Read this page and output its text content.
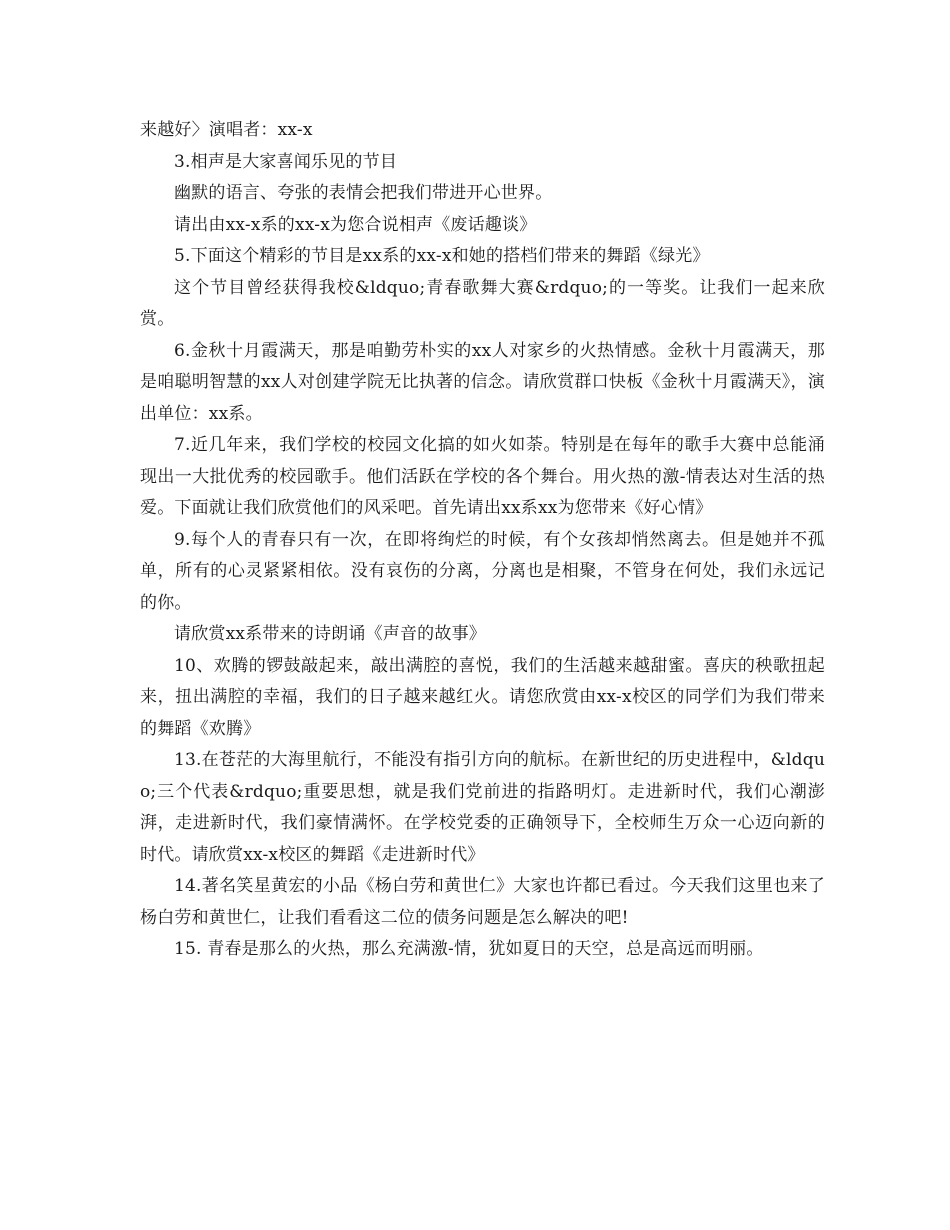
来越好〉演唱者：xx-x

3.相声是大家喜闻乐见的节目

幽默的语言、夸张的表情会把我们带进开心世界。

请出由xx-x系的xx-x为您合说相声《废话趣谈》

5.下面这个精彩的节目是xx系的xx-x和她的搭档们带来的舞蹈《绿光》

这个节目曾经获得我校&ldquo;青春歌舞大赛&rdquo;的一等奖。让我们一起来欣赏。

6.金秋十月霞满天，那是咱勤劳朴实的xx人对家乡的火热情感。金秋十月霞满天，那是咱聪明智慧的xx人对创建学院无比执著的信念。请欣赏群口快板《金秋十月霞满天》，演出单位：xx系。

7.近几年来，我们学校的校园文化搞的如火如荼。特别是在每年的歌手大赛中总能涌现出一大批优秀的校园歌手。他们活跃在学校的各个舞台。用火热的激-情表达对生活的热爱。下面就让我们欣赏他们的风采吧。首先请出xx系xx为您带来《好心情》

9.每个人的青春只有一次，在即将绚烂的时候，有个女孩却悄然离去。但是她并不孤单，所有的心灵紧紧相依。没有哀伤的分离，分离也是相聚，不管身在何处，我们永远记的你。

请欣赏xx系带来的诗朗诵《声音的故事》

10、欢腾的锣鼓敲起来，敲出满腔的喜悦，我们的生活越来越甜蜜。喜庆的秧歌扭起来，扭出满腔的幸福，我们的日子越来越红火。请您欣赏由xx-x校区的同学们为我们带来的舞蹈《欢腾》

13.在苍茫的大海里航行，不能没有指引方向的航标。在新世纪的历史进程中，&ldquo;三个代表&rdquo;重要思想，就是我们党前进的指路明灯。走进新时代，我们心潮澎湃，走进新时代，我们豪情满怀。在学校党委的正确领导下，全校师生万众一心迈向新的时代。请欣赏xx-x校区的舞蹈《走进新时代》

14.著名笑星黄宏的小品《杨白劳和黄世仁》大家也许都已看过。今天我们这里也来了杨白劳和黄世仁，让我们看看这二位的债务问题是怎么解决的吧!

15. 青春是那么的火热，那么充满激-情，犹如夏日的天空，总是高远而明丽。
